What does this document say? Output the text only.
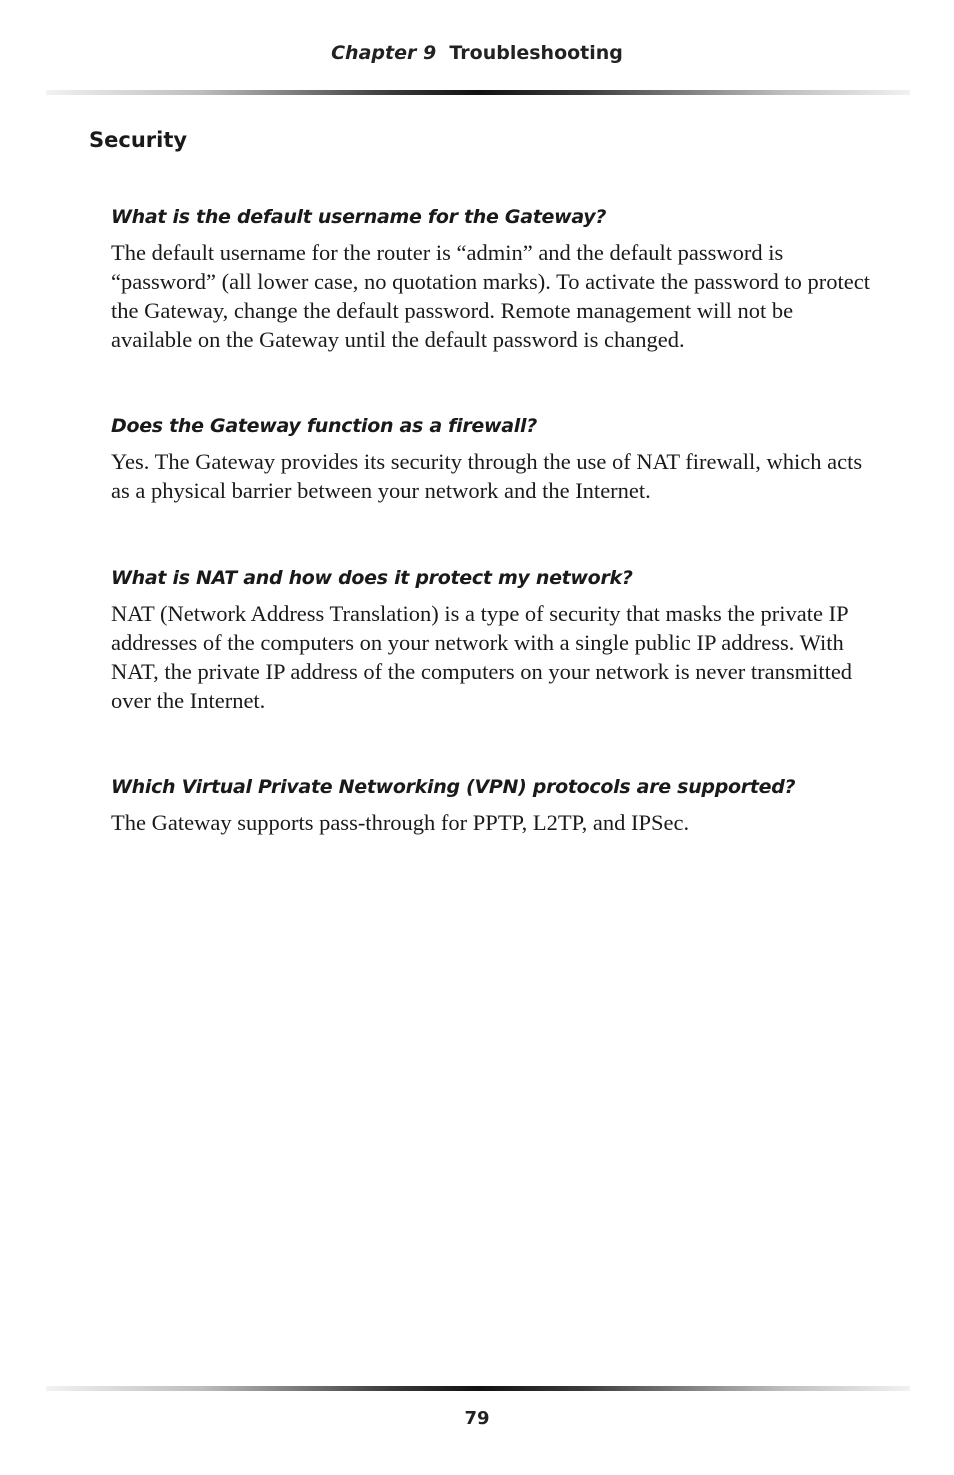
Chapter 9 Troubleshooting
Security

What is the default username for the Gateway?

The default username for the router is “admin” and the default password is “password” (all lower case, no quotation marks). To activate the password to protect the Gateway, change the default password. Remote management will not be available on the Gateway until the default password is changed.

Does the Gateway function as a firewall?

Yes. The Gateway provides its security through the use of NAT firewall, which acts as a physical barrier between your network and the Internet.

What is NAT and how does it protect my network?

NAT (Network Address Translation) is a type of security that masks the private IP addresses of the computers on your network with a single public IP address. With NAT, the private IP address of the computers on your network is never transmitted over the Internet.

Which Virtual Private Networking (VPN) protocols are supported?

The Gateway supports pass-through for PPTP, L2TP, and IPSec.

79
